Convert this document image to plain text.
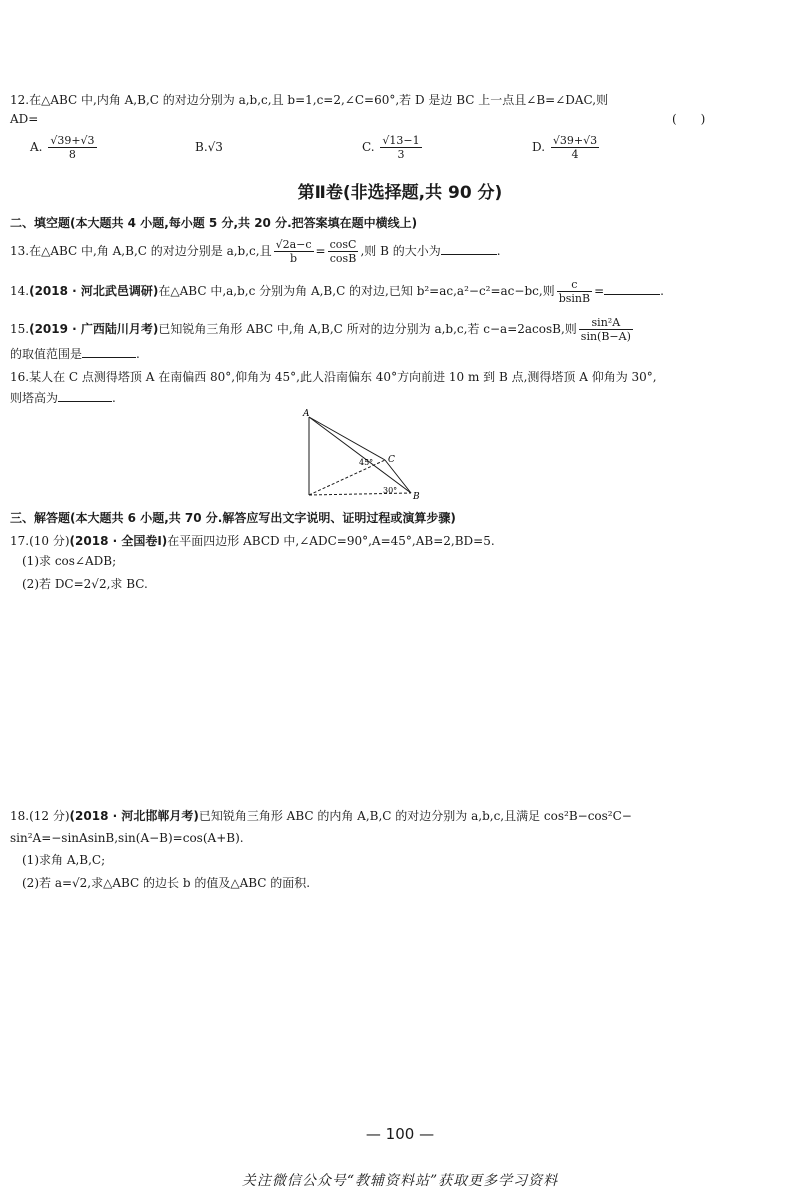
12.在△ABC 中,内角 A,B,C 的对边分别为 a,b,c,且 b=1,c=2,∠C=60°,若 D 是边 BC 上一点且∠B=∠DAC,则
AD=	(　　)
A. $\frac{√39+√3}{8}$	B.√3	C. $\frac{√13-1}{3}$	D. $\frac{√39+√3}{4}$
第Ⅱ卷(非选择题,共 90 分)
二、填空题(本大题共 4 小题,每小题 5 分,共 20 分.把答案填在题中横线上)
13.在△ABC 中,角 A,B,C 的对边分别是 a,b,c,且 $\frac{√2a-c}{b} = \frac{\cos C}{\cos B}$ ,则 B 的大小为	.
14.(2018 · 河北武邑调研)在△ABC 中,a,b,c 分别为角 A,B,C 的对边,已知 b²=ac,a²−c²=ac−bc,则 $\frac{c}{bsinB}$ =	.
15.(2019 · 广西陆川月考)已知锐角三角形 ABC 中,角 A,B,C 所对的边分别为 a,b,c,若 c−a=2acosB,则 $\frac{\text{sin²A}}{\sin(B-A)}$
的取值范围是	.
16.某人在 C 点测得塔顶 A 在南偏西 80°,仰角为 45°,此人沿南偏东 40°方向前进 10 m 到 B 点,测得塔顶 A 仰角为 30°,
则塔高为	.
A
B
C
45°
30°
三、解答题(本大题共 6 小题,共 70 分.解答应写出文字说明、证明过程或演算步骤)
17.(10 分)(2018 · 全国卷Ⅰ)在平面四边形 ABCD 中,∠ADC=90°,A=45°,AB=2,BD=5.
(1)求 cos∠ADB;
(2)若 DC=2√2,求 BC.
18.(12 分)(2018 · 河北邯郸月考)已知锐角三角形 ABC 的内角 A,B,C 的对边分别为 a,b,c,且满足 cos²B−cos²C−
sin²A=−sinAsinB,sin(A−B)=cos(A+B).
(1)求角 A,B,C;
(2)若 a=√2,求△ABC 的边长 b 的值及△ABC 的面积.
— 100 —
关注微信公众号“教辅资料站”获取更多学习资料
